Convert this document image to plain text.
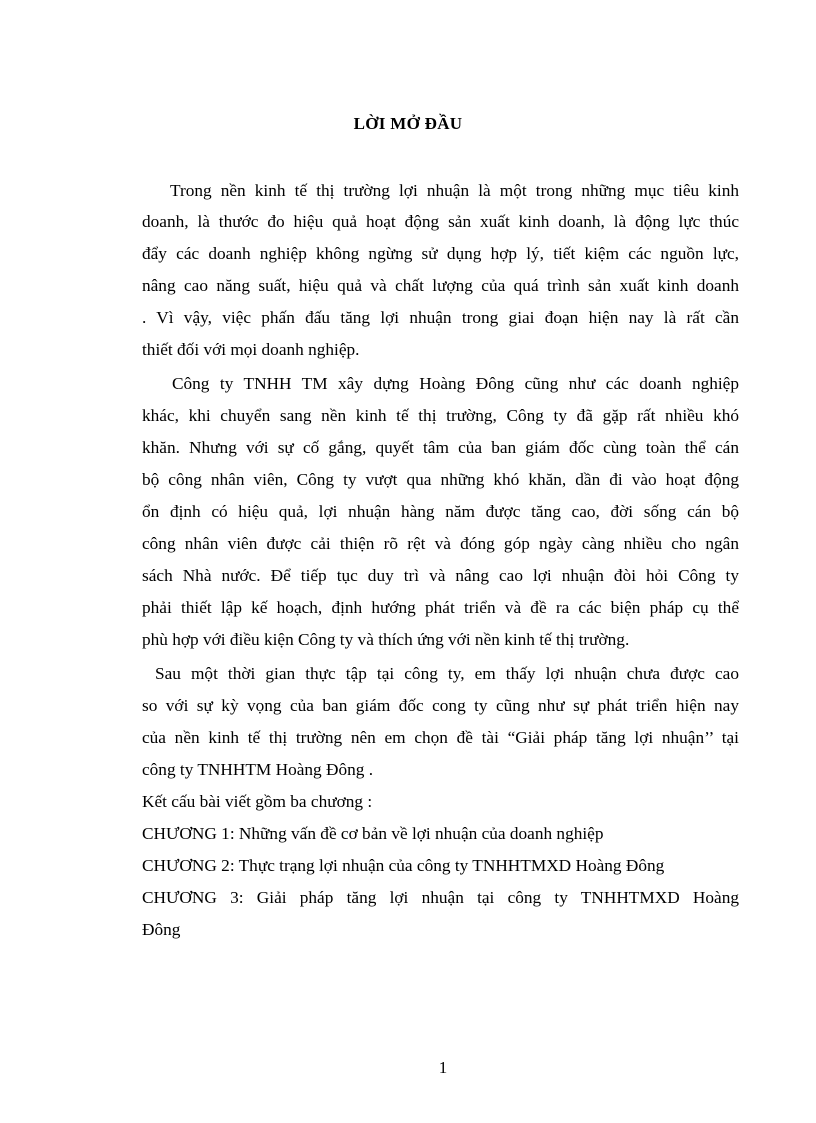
LỜI MỞ ĐẦU
Trong nền kinh tế thị trường lợi nhuận là một trong những mục tiêu kinh
doanh, là thước đo hiệu quả hoạt động sản xuất kinh doanh, là động lực thúc
đẩy các doanh nghiệp không ngừng sử dụng hợp lý, tiết kiệm các nguồn lực,
nâng cao năng suất, hiệu quả và chất lượng của quá trình sản xuất kinh doanh
. Vì vậy, việc phấn đấu tăng lợi nhuận trong giai đoạn hiện nay là rất cần
thiết đối với mọi doanh nghiệp.
Công ty TNHH TM xây dựng Hoàng Đông cũng như các doanh nghiệp
khác, khi chuyển sang nền kinh tế thị trường, Công ty đã gặp rất nhiều khó
khăn. Nhưng với sự cố gắng, quyết tâm của ban giám đốc cùng toàn thể cán
bộ công nhân viên, Công ty vượt qua những khó khăn, dần đi vào hoạt động
ổn định có hiệu quả, lợi nhuận hàng năm được tăng cao, đời sống cán bộ
công nhân viên được cải thiện rõ rệt và đóng góp ngày càng nhiều cho ngân
sách Nhà nước. Để tiếp tục duy trì và nâng cao lợi nhuận đòi hỏi Công ty
phải thiết lập kế hoạch, định hướng phát triển và đề ra các biện pháp cụ thể
phù hợp với điều kiện Công ty và thích ứng với nền kinh tế thị trường.
Sau một thời gian thực tập tại công ty, em thấy lợi nhuận chưa được cao
so với sự kỳ vọng của ban giám đốc cong ty cũng như sự phát triển hiện nay
của nền kinh tế thị trường nên em chọn đề tài “Giải pháp tăng lợi nhuận’’ tại
công ty TNHHTM Hoàng Đông .
Kết cấu bài viết gồm ba chương :
CHƯƠNG 1: Những vấn đề cơ bản về lợi nhuận của doanh nghiệp
CHƯƠNG 2: Thực trạng lợi nhuận của công ty TNHHTMXD Hoàng Đông
CHƯƠNG 3: Giải pháp tăng lợi nhuận tại công ty TNHHTMXD Hoàng
Đông
1
